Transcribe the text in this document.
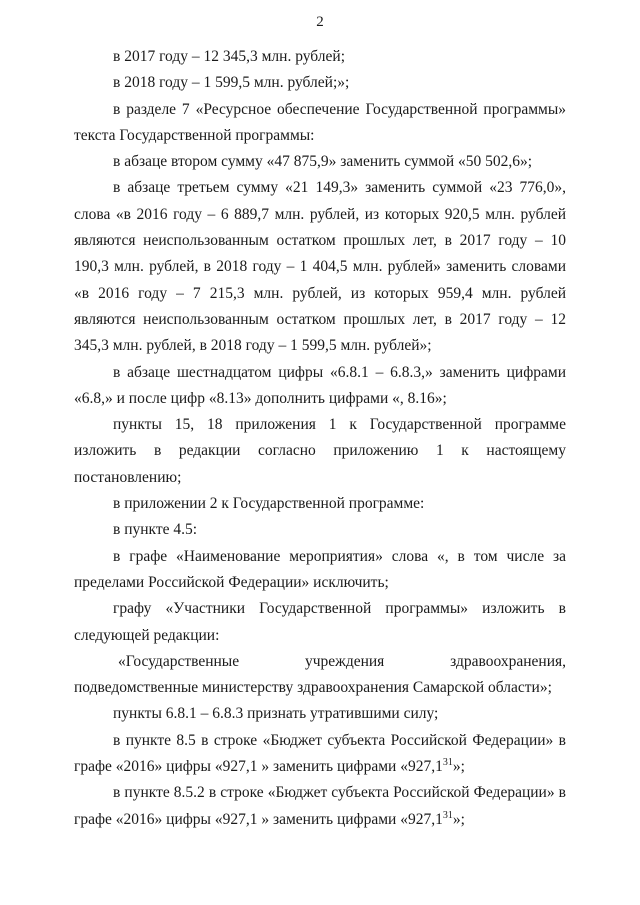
2

в 2017 году – 12 345,3 млн. рублей;

в 2018 году – 1 599,5 млн. рублей;»;

в разделе 7 «Ресурсное обеспечение Государственной программы» текста Государственной программы:

в абзаце втором сумму «47 875,9» заменить суммой «50 502,6»;

в абзаце третьем сумму «21 149,3» заменить суммой «23 776,0», слова «в 2016 году – 6 889,7 млн. рублей, из которых 920,5 млн. рублей являются неиспользованным остатком прошлых лет, в 2017 году – 10 190,3 млн. рублей, в 2018 году – 1 404,5 млн. рублей» заменить словами «в 2016 году – 7 215,3 млн. рублей, из которых 959,4 млн. рублей являются неиспользованным остатком прошлых лет, в 2017 году – 12 345,3 млн. рублей, в 2018 году – 1 599,5 млн. рублей»;

в абзаце шестнадцатом цифры «6.8.1 – 6.8.3,» заменить цифрами «6.8,» и после цифр «8.13» дополнить цифрами «, 8.16»;

пункты 15, 18 приложения 1 к Государственной программе изложить в редакции согласно приложению 1 к настоящему постановлению;

в приложении 2 к Государственной программе:

в пункте 4.5:

в графе «Наименование мероприятия» слова «, в том числе за пределами Российской Федерации» исключить;

графу «Участники Государственной программы» изложить в следующей редакции:

«Государственные учреждения здравоохранения, подведомственные министерству здравоохранения Самарской области»;

пункты 6.8.1 – 6.8.3 признать утратившими силу;

в пункте 8.5 в строке «Бюджет субъекта Российской Федерации» в графе «2016» цифры «927,1 » заменить цифрами «927,1$^{31}$»;

в пункте 8.5.2 в строке «Бюджет субъекта Российской Федерации» в графе «2016» цифры «927,1 » заменить цифрами «927,1$^{31}$»;
